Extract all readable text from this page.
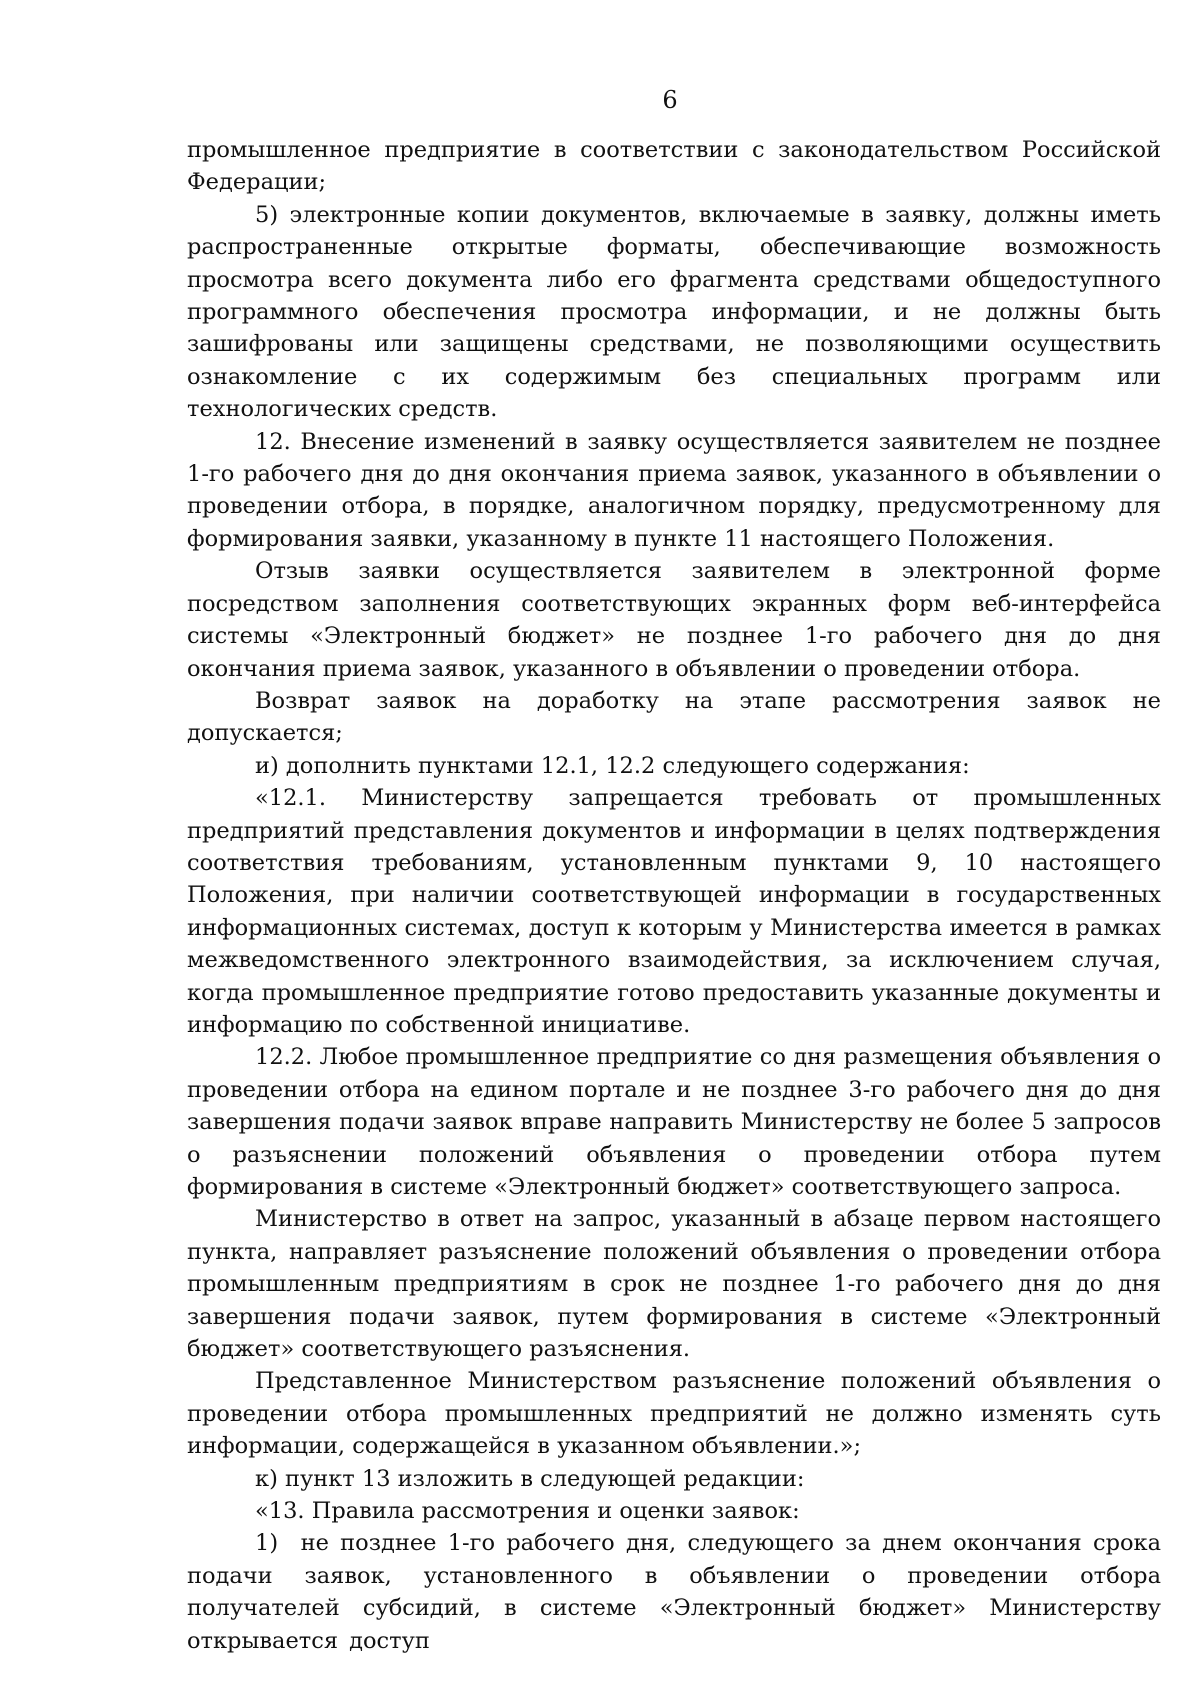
6

промышленное предприятие в соответствии с законодательством Российской Федерации;

5) электронные копии документов, включаемые в заявку, должны иметь распространенные открытые форматы, обеспечивающие возможность просмотра всего документа либо его фрагмента средствами общедоступного программного обеспечения просмотра информации, и не должны быть зашифрованы или защищены средствами, не позволяющими осуществить ознакомление с их содержимым без специальных программ или технологических средств.

12. Внесение изменений в заявку осуществляется заявителем не позднее 1-го рабочего дня до дня окончания приема заявок, указанного в объявлении о проведении отбора, в порядке, аналогичном порядку, предусмотренному для формирования заявки, указанному в пункте 11 настоящего Положения.

Отзыв заявки осуществляется заявителем в электронной форме посредством заполнения соответствующих экранных форм веб-интерфейса системы «Электронный бюджет» не позднее 1-го рабочего дня до дня окончания приема заявок, указанного в объявлении о проведении отбора.

Возврат заявок на доработку на этапе рассмотрения заявок не допускается;

и) дополнить пунктами 12.1, 12.2 следующего содержания:

«12.1. Министерству запрещается требовать от промышленных предприятий представления документов и информации в целях подтверждения соответствия требованиям, установленным пунктами 9, 10 настоящего Положения, при наличии соответствующей информации в государственных информационных системах, доступ к которым у Министерства имеется в рамках межведомственного электронного взаимодействия, за исключением случая, когда промышленное предприятие готово предоставить указанные документы и информацию по собственной инициативе.

12.2. Любое промышленное предприятие со дня размещения объявления о проведении отбора на едином портале и не позднее 3-го рабочего дня до дня завершения подачи заявок вправе направить Министерству не более 5 запросов о разъяснении положений объявления о проведении отбора путем формирования в системе «Электронный бюджет» соответствующего запроса.

Министерство в ответ на запрос, указанный в абзаце первом настоящего пункта, направляет разъяснение положений объявления о проведении отбора промышленным предприятиям в срок не позднее 1-го рабочего дня до дня завершения подачи заявок, путем формирования в системе «Электронный бюджет» соответствующего разъяснения.

Представленное Министерством разъяснение положений объявления о проведении отбора промышленных предприятий не должно изменять суть информации, содержащейся в указанном объявлении.»;

к) пункт 13 изложить в следующей редакции:

«13. Правила рассмотрения и оценки заявок:

1) не позднее 1-го рабочего дня, следующего за днем окончания срока подачи заявок, установленного в объявлении о проведении отбора получателей субсидий, в системе «Электронный бюджет» Министерству открывается доступ
